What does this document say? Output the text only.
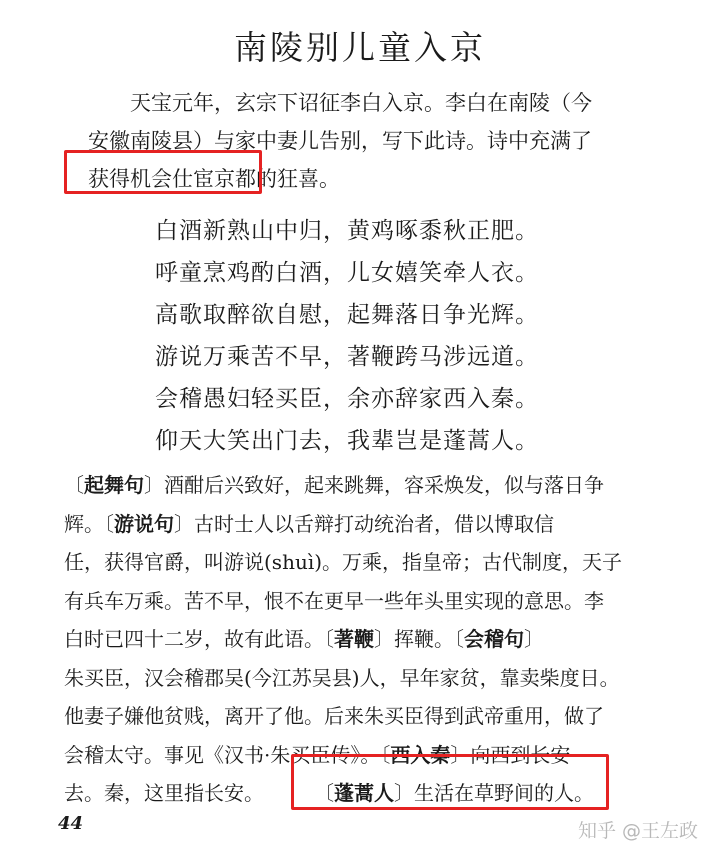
南陵别儿童入京

天宝元年，玄宗下诏征李白入京。李白在南陵（今

安徽南陵县）与家中妻儿告别，写下此诗。诗中充满了

获得机会仕宦京都的狂喜。

白酒新熟山中归，黄鸡啄黍秋正肥。

呼童烹鸡酌白酒，儿女嬉笑牵人衣。

高歌取醉欲自慰，起舞落日争光辉。

游说万乘苦不早，著鞭跨马涉远道。

会稽愚妇轻买臣，余亦辞家西入秦。

仰天大笑出门去，我辈岂是蓬蒿人。

〔起舞句〕酒酣后兴致好，起来跳舞，容采焕发，似与落日争

辉。〔游说句〕古时士人以舌辩打动统治者，借以博取信

任，获得官爵，叫游说(shuì)。万乘，指皇帝；古代制度，天子

有兵车万乘。苦不早，恨不在更早一些年头里实现的意思。李

白时已四十二岁，故有此语。〔著鞭〕挥鞭。〔会稽句〕

朱买臣，汉会稽郡吴(今江苏吴县)人，早年家贫，靠卖柴度日。

他妻子嫌他贫贱，离开了他。后来朱买臣得到武帝重用，做了

会稽太守。事见《汉书·朱买臣传》。〔西入秦〕向西到长安

去。秦，这里指长安。	〔蓬蒿人〕生活在草野间的人。

44	知乎 @王左政
